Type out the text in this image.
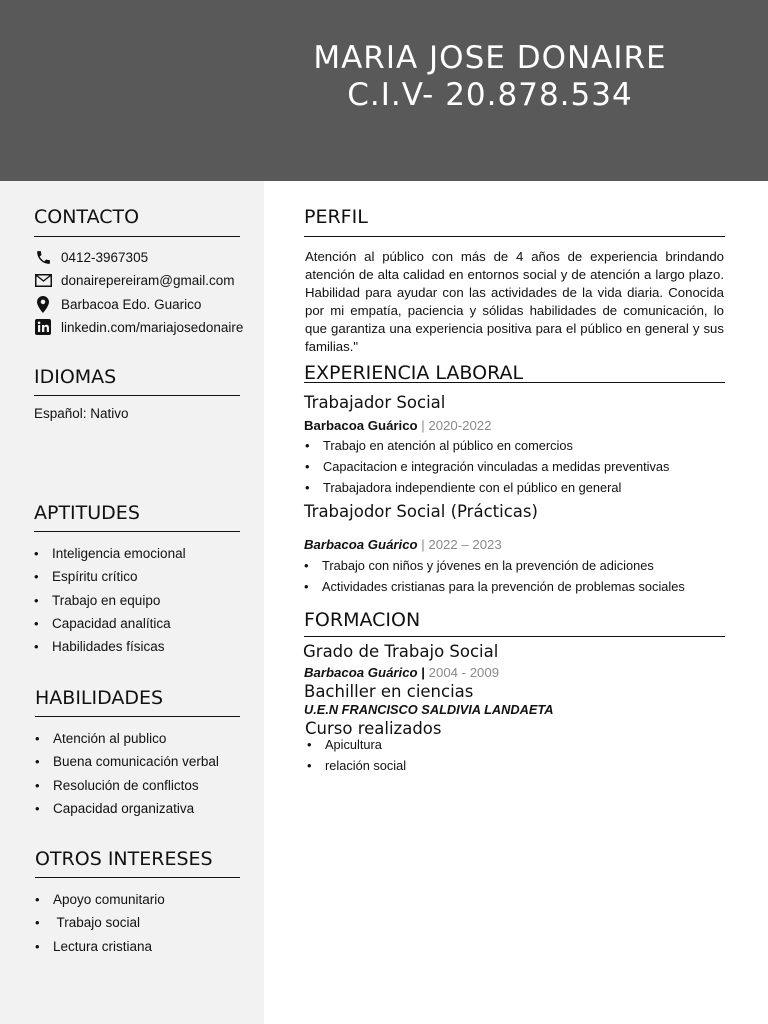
MARIA JOSE DONAIRE
C.I.V- 20.878.534
CONTACTO
0412-3967305
donairepereiram@gmail.com
Barbacoa Edo. Guarico
linkedin.com/mariajosedonaire
IDIOMAS
Español: Nativo
APTITUDES
• Inteligencia emocional
• Espíritu crítico
• Trabajo en equipo
• Capacidad analítica
• Habilidades físicas
HABILIDADES
• Atención al publico
• Buena comunicación verbal
• Resolución de conflictos
• Capacidad organizativa
OTROS INTERESES
• Apoyo comunitario
•  Trabajo social
• Lectura cristiana
PERFIL

Atención al público con más de 4 años de experiencia brindando atención de alta calidad en entornos social y de atención a largo plazo. Habilidad para ayudar con las actividades de la vida diaria. Conocida por mi empatía, paciencia y sólidas habilidades de comunicación, lo que garantiza una experiencia positiva para el público en general y sus familias."

EXPERIENCIA LABORAL
Trabajador Social
Barbacoa Guárico | 2020-2022
• Trabajo en atención al público en comercios
• Capacitacion e integración vinculadas a medidas preventivas
• Trabajadora independiente con el público en general
Trabajodor Social (Prácticas)
Barbacoa Guárico | 2022 – 2023
• Trabajo con niños y jóvenes en la prevención de adiciones
• Actividades cristianas para la prevención de problemas sociales
FORMACION
Grado de Trabajo Social
Barbacoa Guárico | 2004 - 2009
Bachiller en ciencias
U.E.N FRANCISCO SALDIVIA LANDAETA
Curso realizados
• Apicultura
• relación social
